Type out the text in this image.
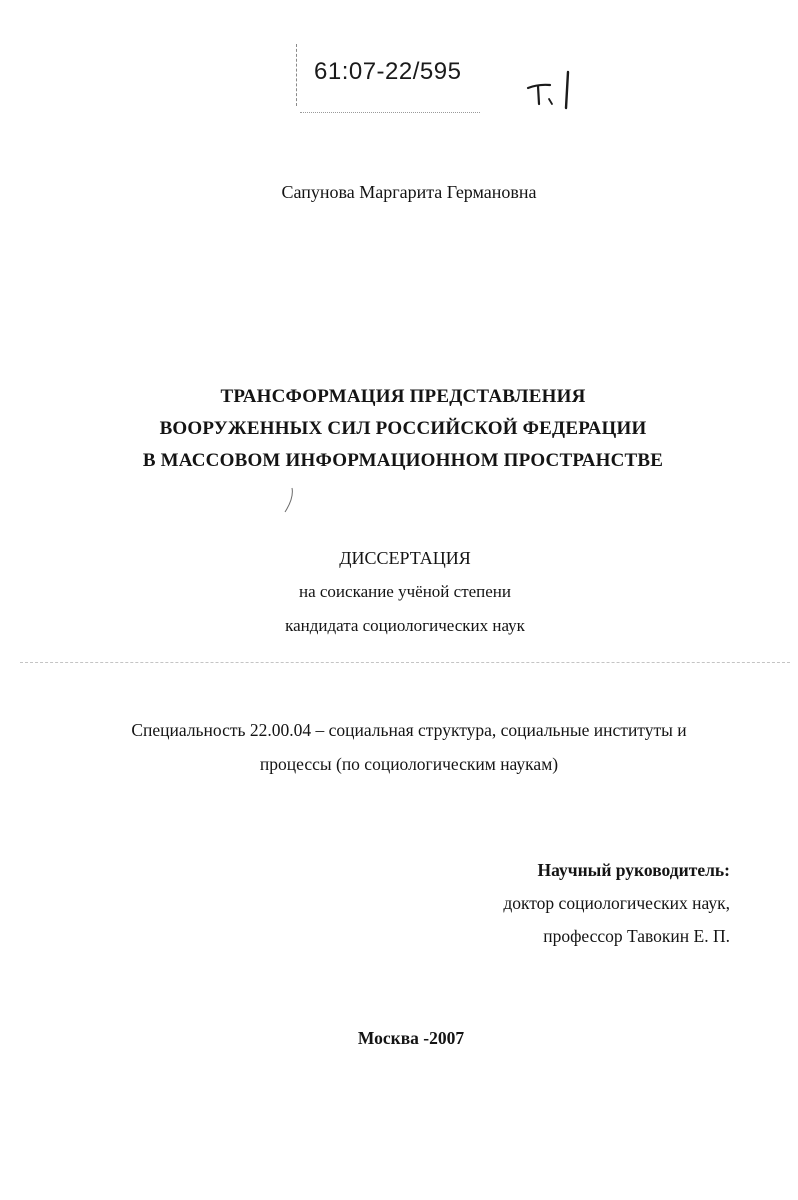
61:07-22/595
Сапунова Маргарита Германовна
ТРАНСФОРМАЦИЯ ПРЕДСТАВЛЕНИЯ
ВООРУЖЕННЫХ СИЛ РОССИЙСКОЙ ФЕДЕРАЦИИ
В МАССОВОМ ИНФОРМАЦИОННОМ ПРОСТРАНСТВЕ
ДИССЕРТАЦИЯ
на соискание учёной степени
кандидата социологических наук
Специальность 22.00.04 – социальная структура, социальные институты и
процессы (по социологическим наукам)
Научный руководитель:
доктор социологических наук,
профессор Тавокин Е. П.
Москва -2007
